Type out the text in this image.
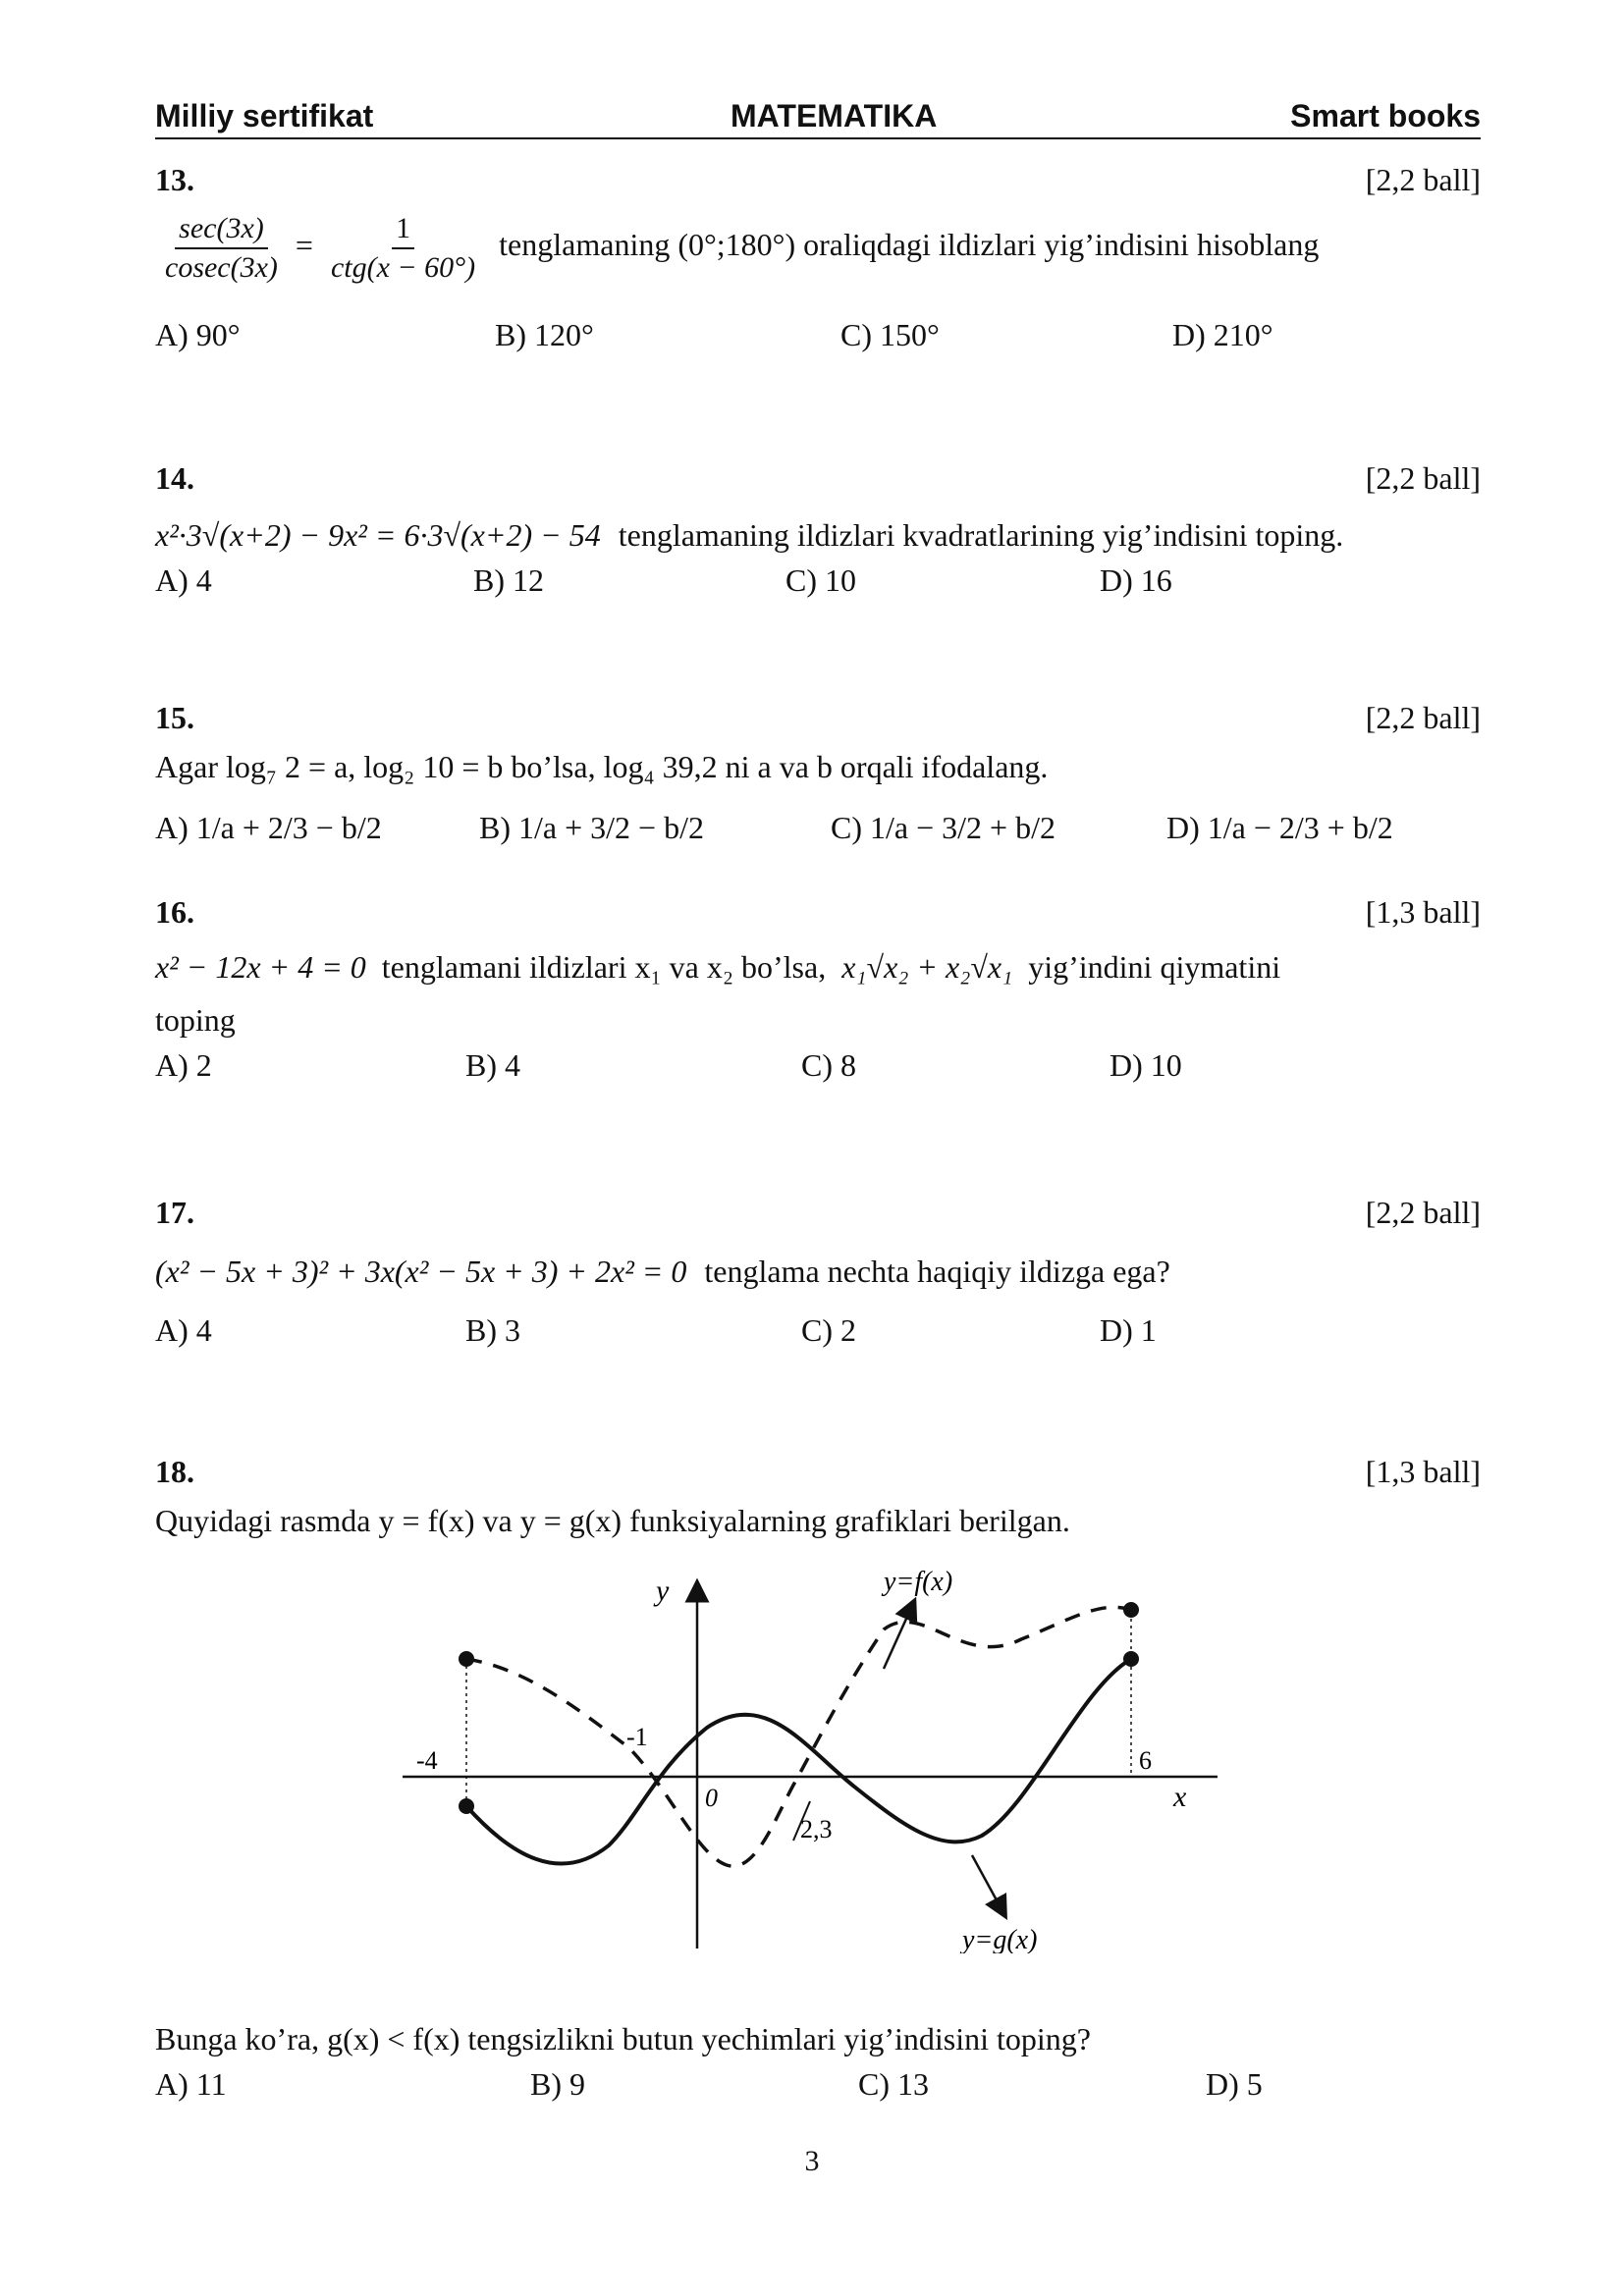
Milliy sertifikat	MATEMATIKA	Smart books
13.	[2,2 ball]
sec(3x)
cosec(3x)
=	1
ctg(x − 60°)
tenglamaning (0°;180°) oraliqdagi ildizlari yig’indisini hisoblang
A) 90°	B) 120°	C) 150°	D) 210°
14.	[2,2 ball]
x²·3√(x+2) − 9x² = 6·3√(x+2) − 54 tenglamaning ildizlari kvadratlarining yig’indisini toping.
A) 4	B) 12	C) 10	D) 16
15.	[2,2 ball]
Agar log₇ 2 = a, log₂ 10 = b bo’lsa, log₄ 39,2 ni a va b orqali ifodalang.
A) 1/a + 2/3 − b/2	B) 1/a + 3/2 − b/2	C) 1/a − 3/2 + b/2	D) 1/a − 2/3 + b/2
16.	[1,3 ball]
x² − 12x + 4 = 0 tenglamani ildizlari x₁ va x₂ bo’lsa, x₁√x₂ + x₂√x₁ yig’indini qiymatini
toping
A) 2	B) 4	C) 8	D) 10
17.	[2,2 ball]
(x² − 5x + 3)² + 3x(x² − 5x + 3) + 2x² = 0 tenglama nechta haqiqiy ildizga ega?
A) 4	B) 3	C) 2	D) 1
18.	[1,3 ball]
Quyidagi rasmda y = f(x) va y = g(x) funksiyalarning grafiklari berilgan.
Bunga ko’ra, g(x) < f(x) tengsizlikni butun yechimlari yig’indisini toping?
A) 11	B) 9	C) 13	D) 5
y
x
y=f(x)
y=g(x)
-4
-1
0
2,3
6
3
